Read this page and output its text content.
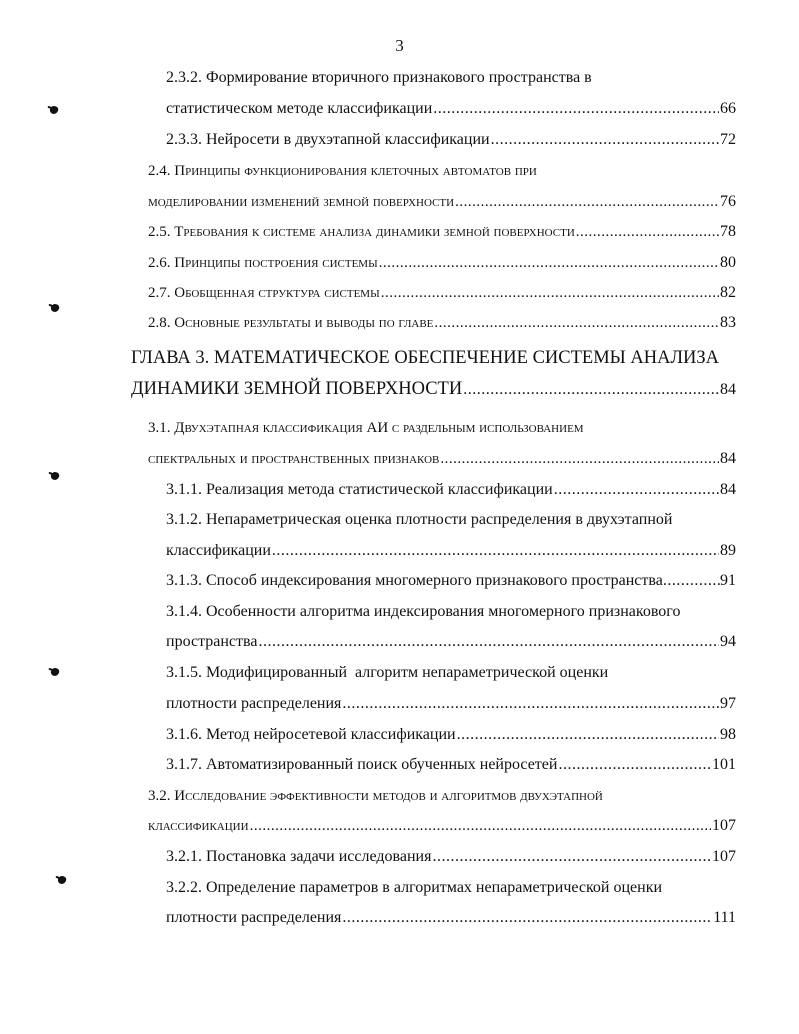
3
2.3.2. Формирование вторичного признакового пространства в
статистическом методе классификации .....	66
2.3.3. Нейросети в двухэтапной классификации .....	72
2.4. Принципы функционирования клеточных автоматов при
моделировании изменений земной поверхности .....	76
2.5. Требования к системе анализа динамики земной поверхности .....	78
2.6. Принципы построения системы .....	80
2.7. Обобщенная структура системы .....	82
2.8. Основные результаты и выводы по главе .....	83
ГЛАВА 3. МАТЕМАТИЧЕСКОЕ ОБЕСПЕЧЕНИЕ СИСТЕМЫ АНАЛИЗА
ДИНАМИКИ ЗЕМНОЙ ПОВЕРХНОСТИ .....	84
3.1. Двухэтапная классификация АИ с раздельным использованием
спектральных и пространственных признаков .....	84
3.1.1. Реализация метода статистической классификации .....	84
3.1.2. Непараметрическая оценка плотности распределения в двухэтапной
классификации .....	89
3.1.3. Способ индексирования многомерного признакового пространства .....	91
3.1.4. Особенности алгоритма индексирования многомерного признакового
пространства .....	94
3.1.5. Модифицированный  алгоритм непараметрической оценки
плотности распределения .....	97
3.1.6. Метод нейросетевой классификации .....	98
3.1.7. Автоматизированный поиск обученных нейросетей .....	101
3.2. Исследование эффективности методов и алгоритмов двухэтапной
классификации .....	107
3.2.1. Постановка задачи исследования .....	107
3.2.2. Определение параметров в алгоритмах непараметрической оценки
плотности распределения .....	111
